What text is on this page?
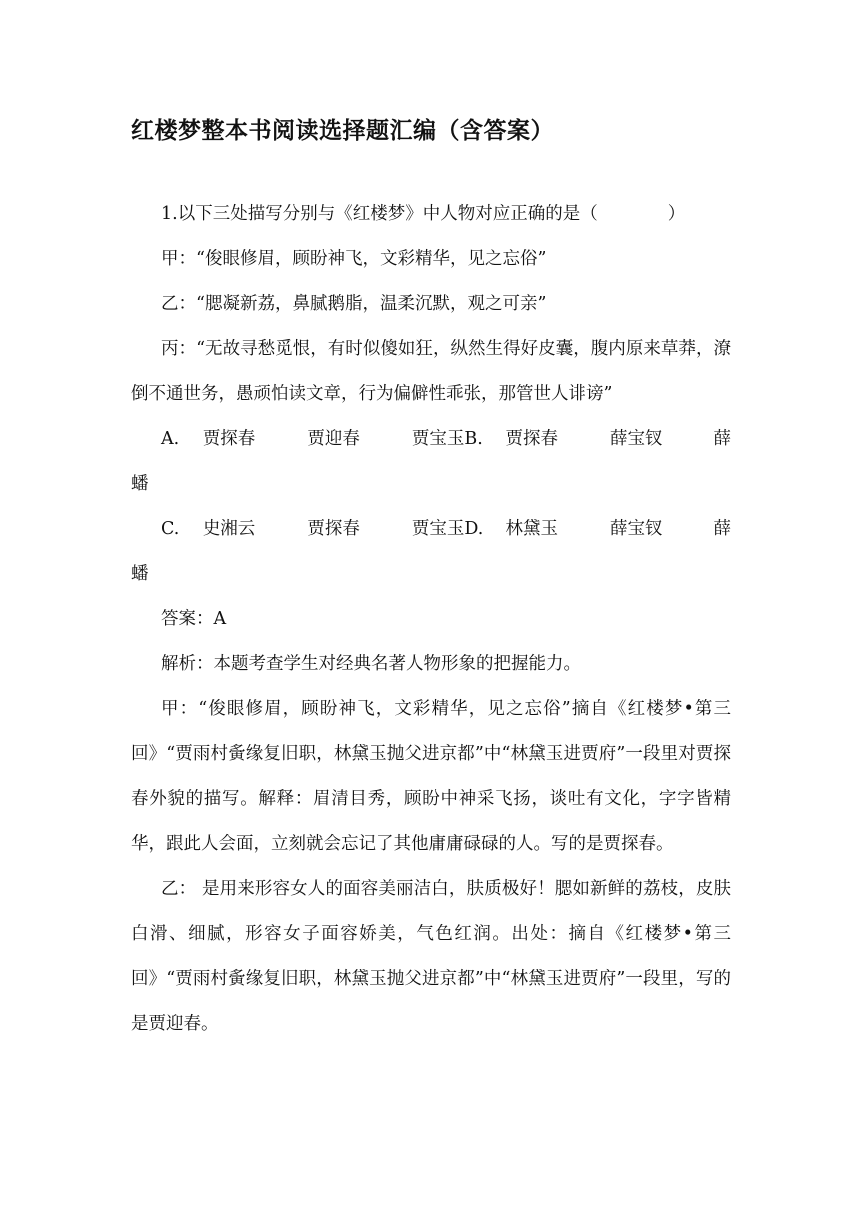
红楼梦整本书阅读选择题汇编（含答案）

1.以下三处描写分别与《红楼梦》中人物对应正确的是（　　　　）

甲：“俊眼修眉，顾盼神飞，文彩精华，见之忘俗”

乙：“腮凝新荔，鼻腻鹅脂，温柔沉默，观之可亲”

丙：“无故寻愁觅恨，有时似傻如狂，纵然生得好皮囊，腹内原来草莽，潦倒不通世务，愚顽怕读文章，行为偏僻性乖张，那管世人诽谤”

A.	贾探春	贾迎春	贾宝玉B.	贾探春	薛宝钗	薛
蟠
C.	史湘云	贾探春	贾宝玉D.	林黛玉	薛宝钗	薛
蟠

答案：A

解析：本题考查学生对经典名著人物形象的把握能力。

甲：“俊眼修眉，顾盼神飞，文彩精华，见之忘俗”摘自《红楼梦•第三回》“贾雨村夤缘复旧职，林黛玉抛父进京都”中“林黛玉进贾府”一段里对贾探春外貌的描写。解释：眉清目秀，顾盼中神采飞扬，谈吐有文化，字字皆精华，跟此人会面，立刻就会忘记了其他庸庸碌碌的人。写的是贾探春。

乙： 是用来形容女人的面容美丽洁白，肤质极好！腮如新鲜的荔枝，皮肤白滑、细腻，形容女子面容娇美，气色红润。出处：摘自《红楼梦•第三回》“贾雨村夤缘复旧职，林黛玉抛父进京都”中“林黛玉进贾府”一段里，写的是贾迎春。
